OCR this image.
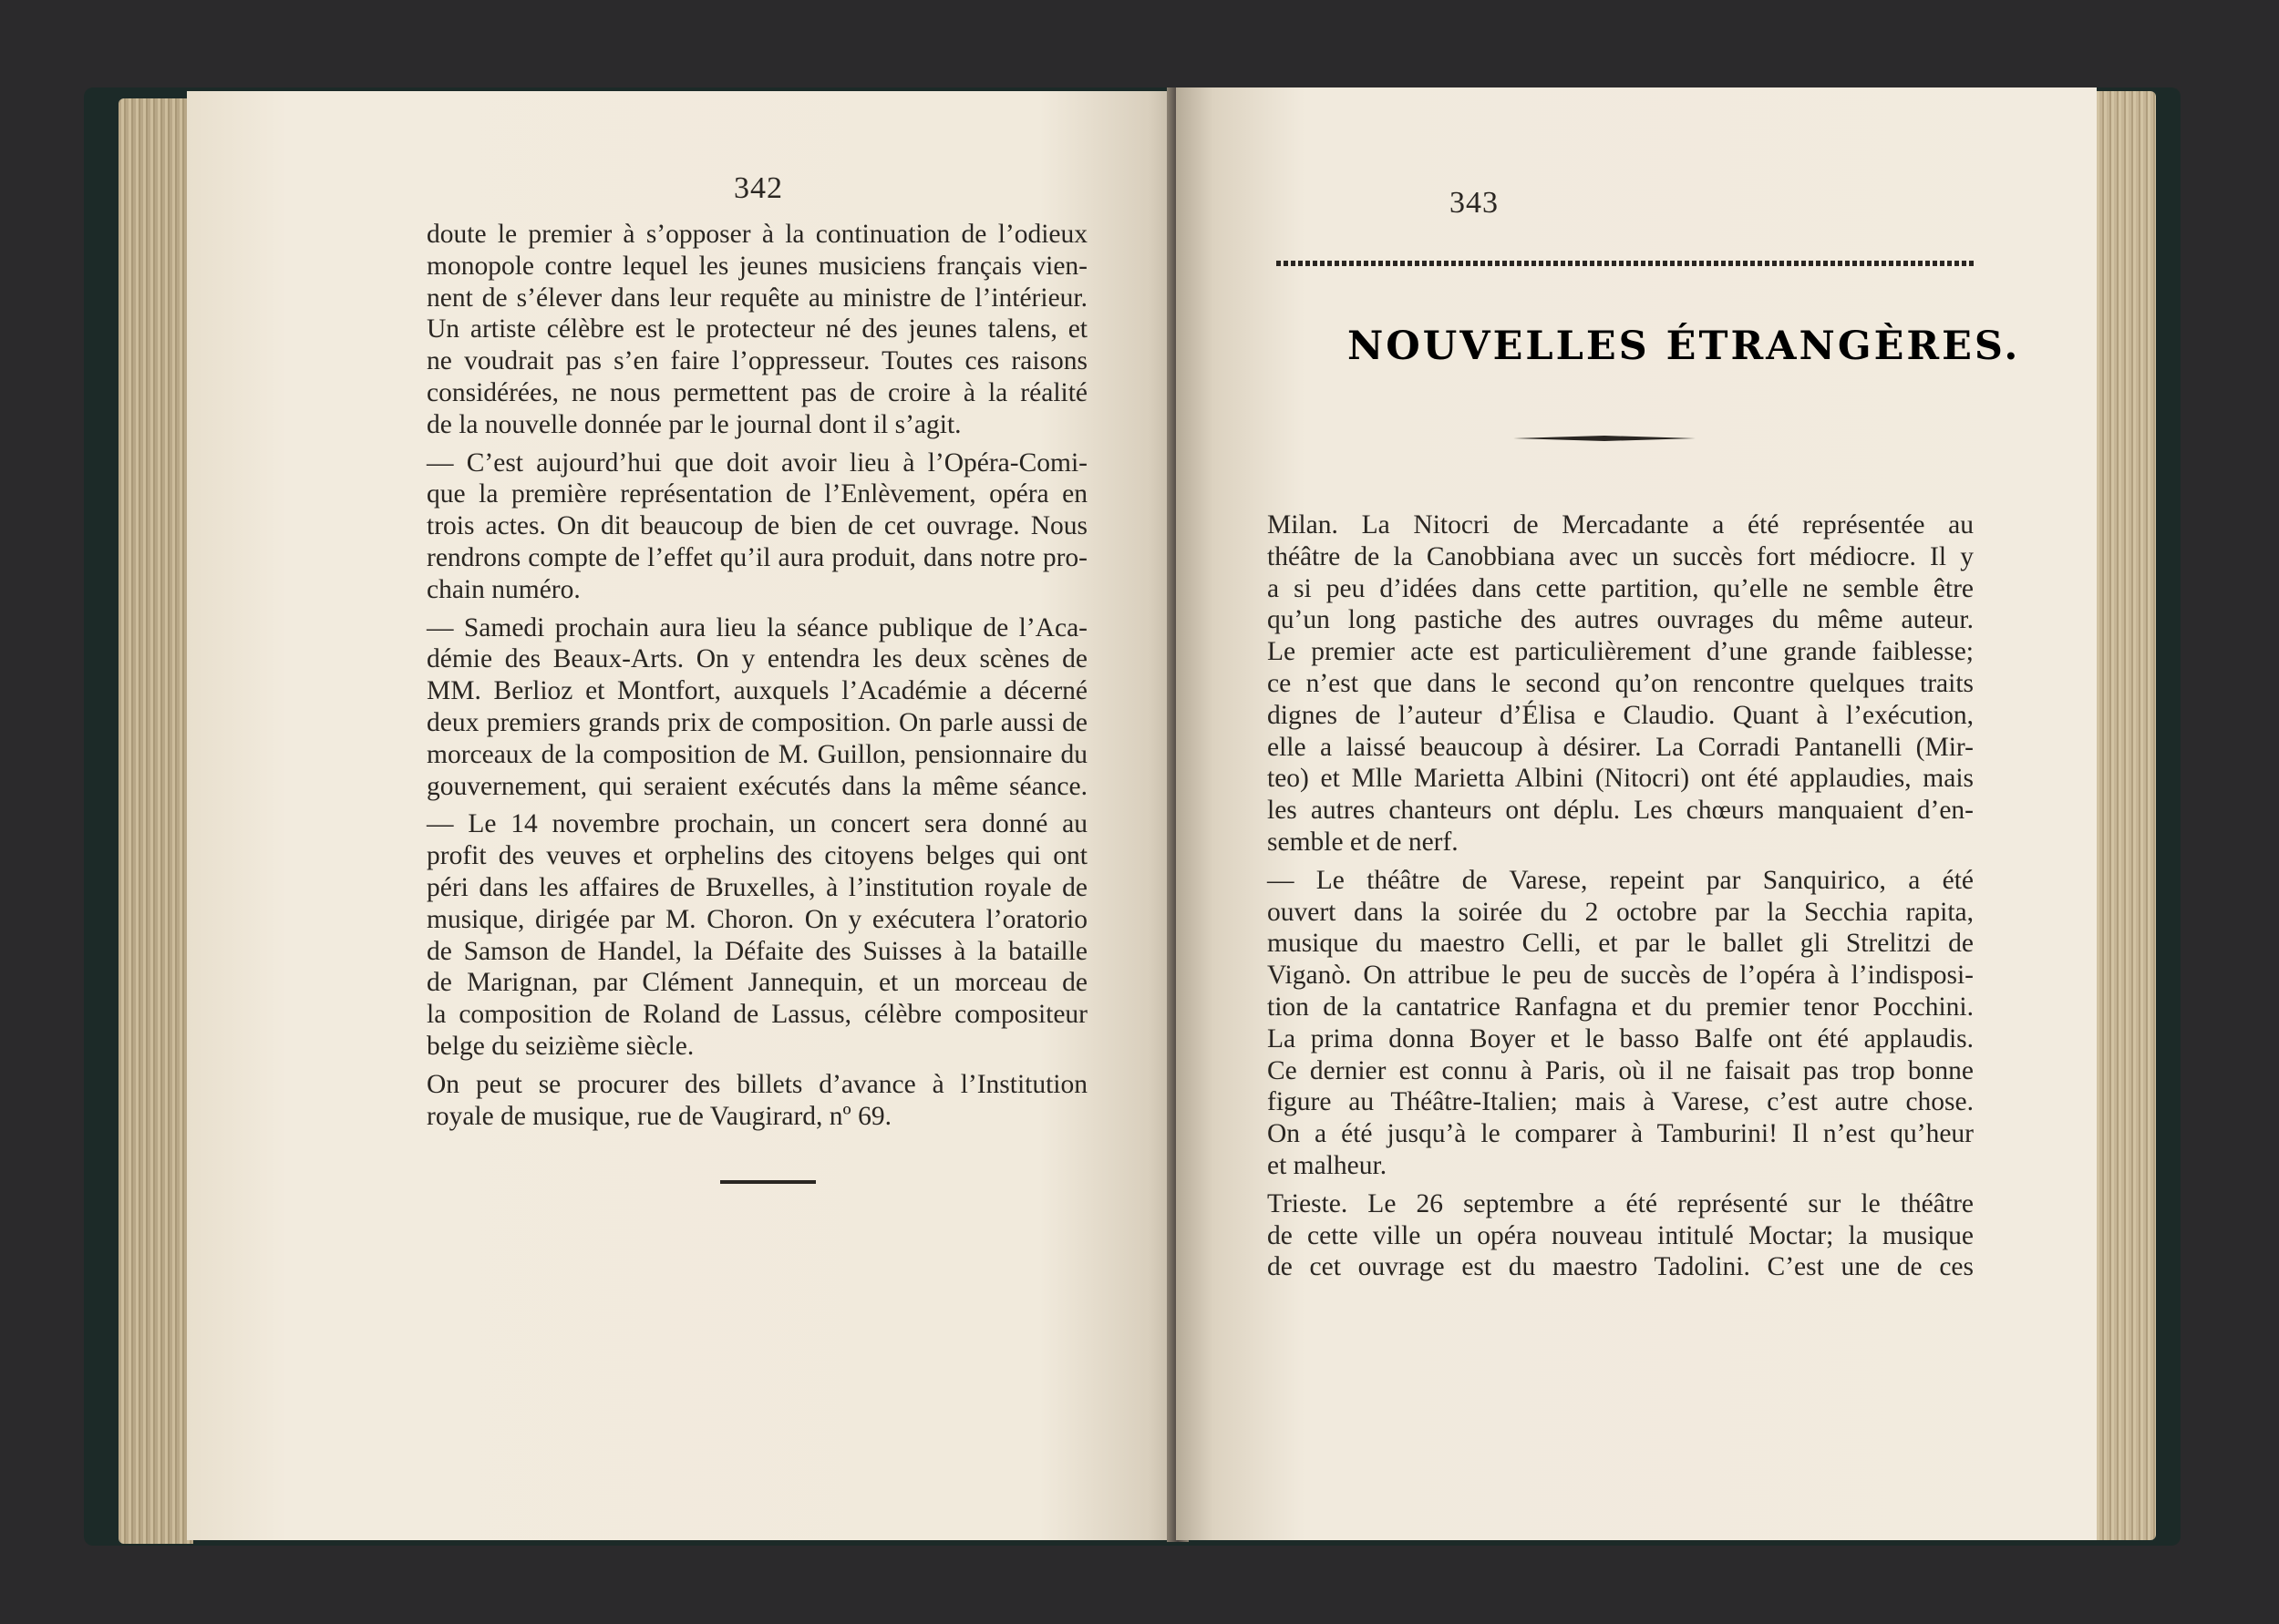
342
doute le premier à s’opposer à la continuation de l’odieux
monopole contre lequel les jeunes musiciens français vien-
nent de s’élever dans leur requête au ministre de l’intérieur.
Un artiste célèbre est le protecteur né des jeunes talens, et
ne voudrait pas s’en faire l’oppresseur. Toutes ces raisons
considérées, ne nous permettent pas de croire à la réalité
de la nouvelle donnée par le journal dont il s’agit.
— C’est aujourd’hui que doit avoir lieu à l’Opéra-Comi-
que la première représentation de l’Enlèvement, opéra en
trois actes. On dit beaucoup de bien de cet ouvrage. Nous
rendrons compte de l’effet qu’il aura produit, dans notre pro-
chain numéro.
— Samedi prochain aura lieu la séance publique de l’Aca-
démie des Beaux-Arts. On y entendra les deux scènes de
MM. Berlioz et Montfort, auxquels l’Académie a décerné
deux premiers grands prix de composition. On parle aussi de
morceaux de la composition de M. Guillon, pensionnaire du
gouvernement, qui seraient exécutés dans la même séance.
— Le 14 novembre prochain, un concert sera donné au
profit des veuves et orphelins des citoyens belges qui ont
péri dans les affaires de Bruxelles, à l’institution royale de
musique, dirigée par M. Choron. On y exécutera l’oratorio
de Samson de Handel, la Défaite des Suisses à la bataille
de Marignan, par Clément Jannequin, et un morceau de
la composition de Roland de Lassus, célèbre compositeur
belge du seizième siècle.
On peut se procurer des billets d’avance à l’Institution
royale de musique, rue de Vaugirard, nº 69.
343
Milan. La Nitocri de Mercadante a été représentée au
théâtre de la Canobbiana avec un succès fort médiocre. Il y
a si peu d’idées dans cette partition, qu’elle ne semble être
qu’un long pastiche des autres ouvrages du même auteur.
Le premier acte est particulièrement d’une grande faiblesse;
ce n’est que dans le second qu’on rencontre quelques traits
dignes de l’auteur d’Élisa e Claudio. Quant à l’exécution,
elle a laissé beaucoup à désirer. La Corradi Pantanelli (Mir-
teo) et Mlle Marietta Albini (Nitocri) ont été applaudies, mais
les autres chanteurs ont déplu. Les chœurs manquaient d’en-
semble et de nerf.
— Le théâtre de Varese, repeint par Sanquirico, a été
ouvert dans la soirée du 2 octobre par la Secchia rapita,
musique du maestro Celli, et par le ballet gli Strelitzi de
Viganò. On attribue le peu de succès de l’opéra à l’indisposi-
tion de la cantatrice Ranfagna et du premier tenor Pocchini.
La prima donna Boyer et le basso Balfe ont été applaudis.
Ce dernier est connu à Paris, où il ne faisait pas trop bonne
figure au Théâtre-Italien; mais à Varese, c’est autre chose.
On a été jusqu’à le comparer à Tamburini! Il n’est qu’heur
et malheur.
Trieste. Le 26 septembre a été représenté sur le théâtre
de cette ville un opéra nouveau intitulé Moctar; la musique
de cet ouvrage est du maestro Tadolini. C’est une de ces
NOUVELLES ÉTRANGÈRES.
